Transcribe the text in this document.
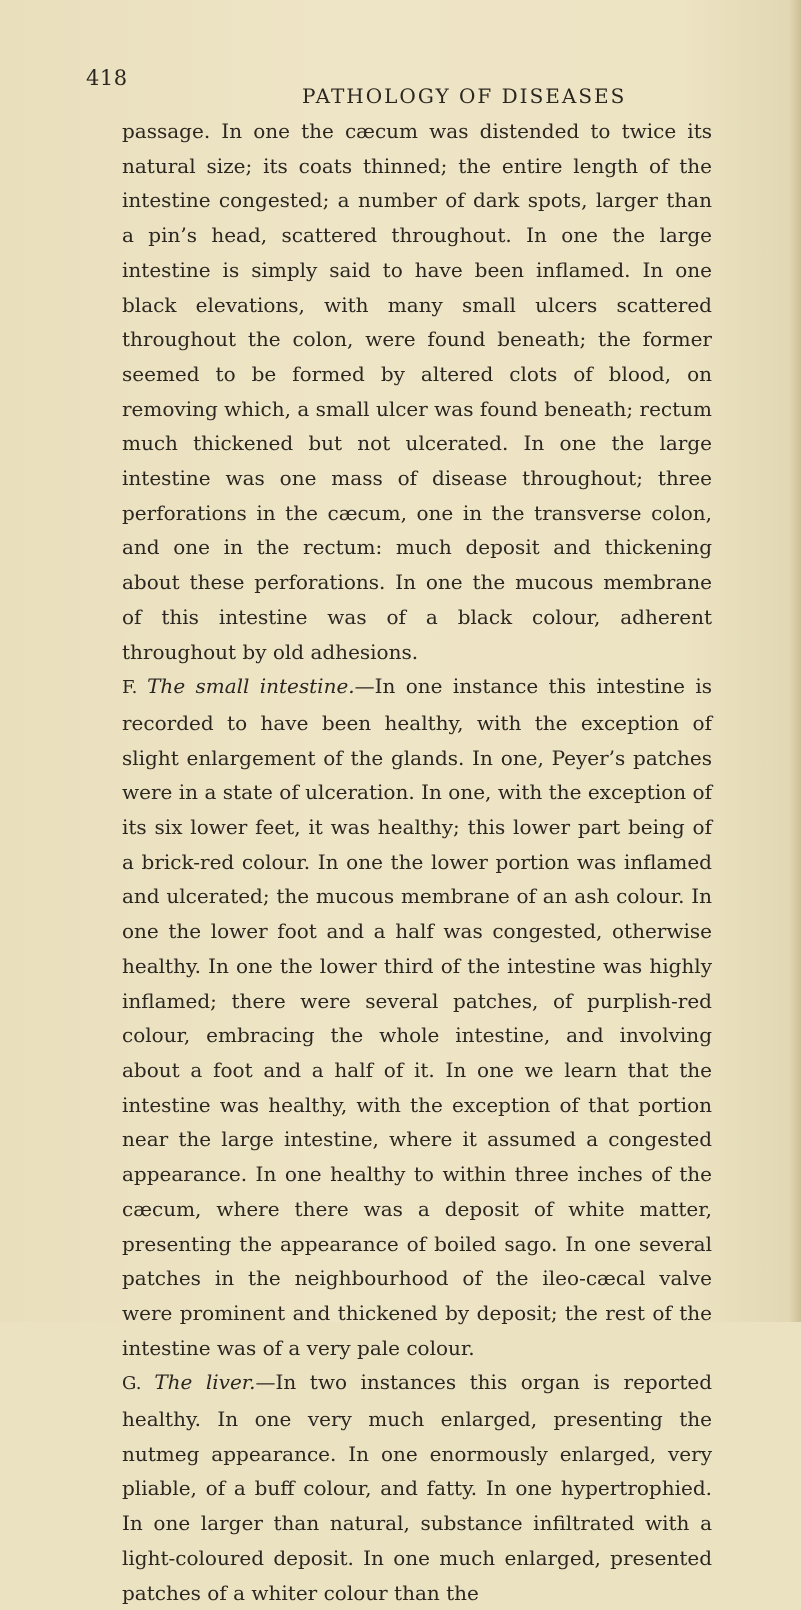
418
PATHOLOGY OF DISEASES

passage. In one the cæcum was distended to twice its natural size; its coats thinned; the entire length of the intestine congested; a number of dark spots, larger than a pin’s head, scattered throughout. In one the large intestine is simply said to have been inflamed. In one black elevations, with many small ulcers scattered throughout the colon, were found beneath; the former seemed to be formed by altered clots of blood, on removing which, a small ulcer was found beneath; rectum much thickened but not ulcerated. In one the large intestine was one mass of disease throughout; three perforations in the cæcum, one in the transverse colon, and one in the rectum: much deposit and thickening about these perforations. In one the mucous membrane of this intestine was of a black colour, adherent throughout by old adhesions.

F. The small intestine.—In one instance this intestine is recorded to have been healthy, with the exception of slight enlargement of the glands. In one, Peyer’s patches were in a state of ulceration. In one, with the exception of its six lower feet, it was healthy; this lower part being of a brick-red colour. In one the lower portion was inflamed and ulcerated; the mucous membrane of an ash colour. In one the lower foot and a half was congested, otherwise healthy. In one the lower third of the intestine was highly inflamed; there were several patches, of purplish-red colour, embracing the whole intestine, and involving about a foot and a half of it. In one we learn that the intestine was healthy, with the exception of that portion near the large intestine, where it assumed a congested appearance. In one healthy to within three inches of the cæcum, where there was a deposit of white matter, presenting the appearance of boiled sago. In one several patches in the neighbourhood of the ileo-cæcal valve were prominent and thickened by deposit; the rest of the intestine was of a very pale colour.

G. The liver.—In two instances this organ is reported healthy. In one very much enlarged, presenting the nutmeg appearance. In one enormously enlarged, very pliable, of a buff colour, and fatty. In one hypertrophied. In one larger than natural, substance infiltrated with a light-coloured deposit. In one much enlarged, presented patches of a whiter colour than the
